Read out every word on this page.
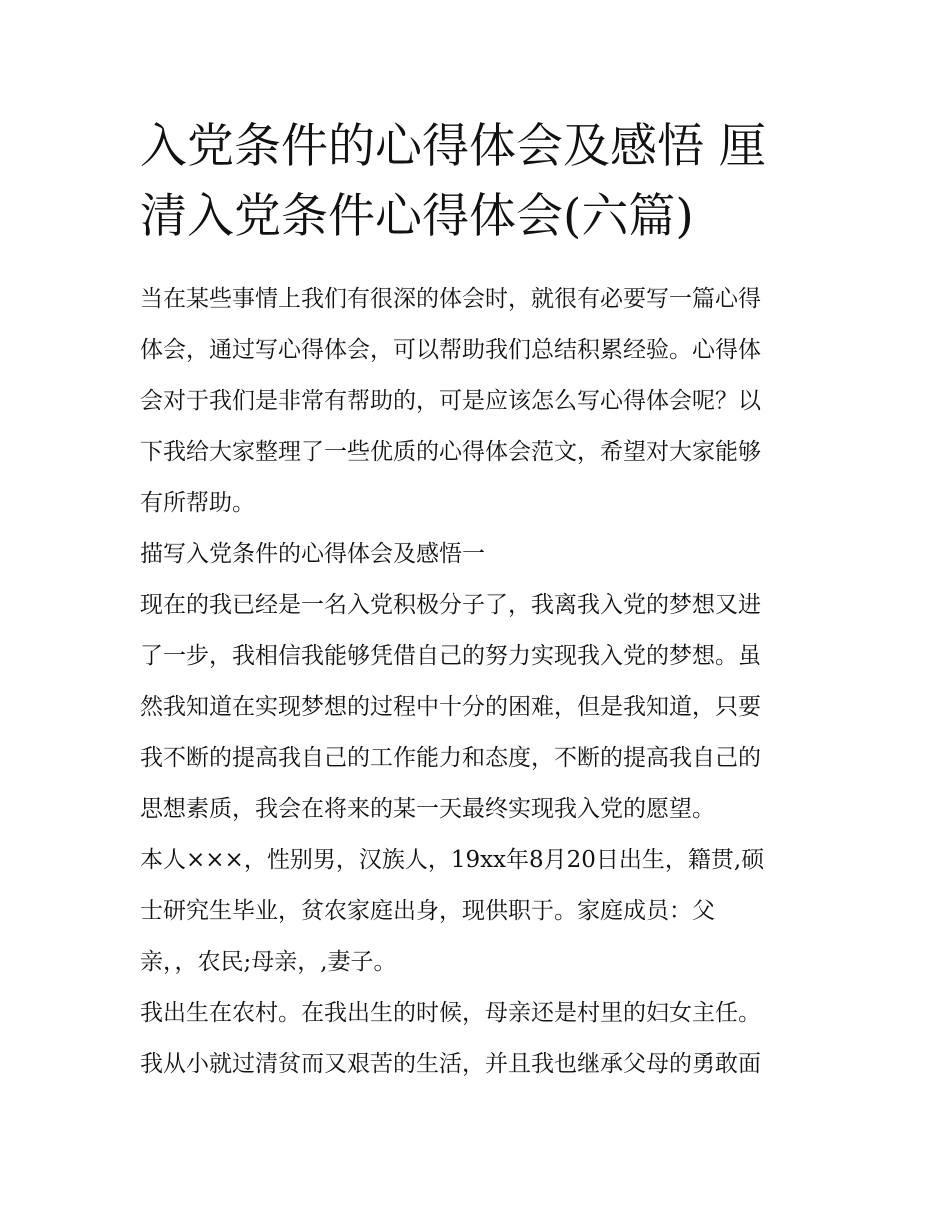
入党条件的心得体会及感悟 厘
清入党条件心得体会(六篇)

当在某些事情上我们有很深的体会时，就很有必要写一篇心得
体会，通过写心得体会，可以帮助我们总结积累经验。心得体
会对于我们是非常有帮助的，可是应该怎么写心得体会呢？以
下我给大家整理了一些优质的心得体会范文，希望对大家能够
有所帮助。

描写入党条件的心得体会及感悟一

现在的我已经是一名入党积极分子了，我离我入党的梦想又进
了一步，我相信我能够凭借自己的努力实现我入党的梦想。虽
然我知道在实现梦想的过程中十分的困难，但是我知道，只要
我不断的提高我自己的工作能力和态度，不断的提高我自己的
思想素质，我会在将来的某一天最终实现我入党的愿望。

本人×××，性别男，汉族人，19xx年8月20日出生，籍贯,硕
士研究生毕业，贫农家庭出身，现供职于。家庭成员：父
亲，，农民;母亲，,妻子。

我出生在农村。在我出生的时候，母亲还是村里的妇女主任。
我从小就过清贫而又艰苦的生活，并且我也继承父母的勇敢面
